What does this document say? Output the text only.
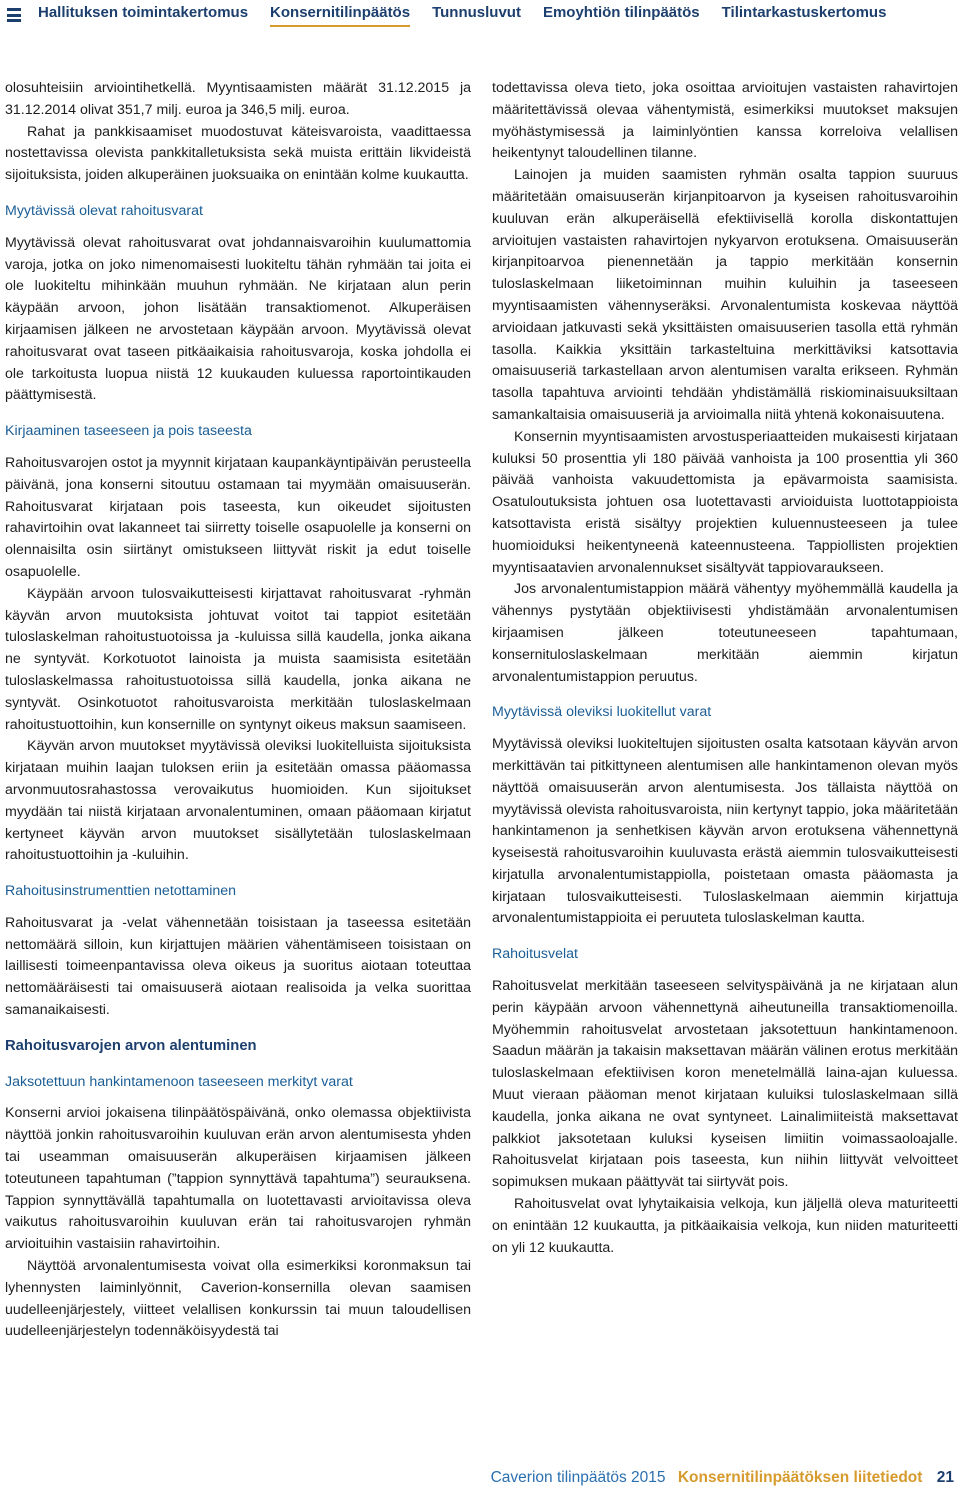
Hallituksen toimintakertomus Konsernitilinpäätös Tunnusluvut Emoyhtiön tilinpäätös Tilintarkastuskertomus

olosuhteisiin arviointihetkellä. Myyntisaamisten määrät 31.12.2015 ja 31.12.2014 olivat 351,7 milj. euroa ja 346,5 milj. euroa.

Rahat ja pankkisaamiset muodostuvat käteisvaroista, vaadittaessa nostettavissa olevista pankkitalletuksista sekä muista erittäin likvideistä sijoituksista, joiden alkuperäinen juoksuaika on enintään kolme kuukautta.

Myytävissä olevat rahoitusvarat

Myytävissä olevat rahoitusvarat ovat johdannaisvaroihin kuulumattomia varoja, jotka on joko nimenomaisesti luokiteltu tähän ryhmään tai joita ei ole luokiteltu mihinkään muuhun ryhmään. Ne kirjataan alun perin käypään arvoon, johon lisätään transaktiomenot. Alkuperäisen kirjaamisen jälkeen ne arvostetaan käypään arvoon. Myytävissä olevat rahoitusvarat ovat taseen pitkäaikaisia rahoitusvaroja, koska johdolla ei ole tarkoitusta luopua niistä 12 kuukauden kuluessa raportointikauden päättymisestä.

Kirjaaminen taseeseen ja pois taseesta

Rahoitusvarojen ostot ja myynnit kirjataan kaupankäyntipäivän perusteella päivänä, jona konserni sitoutuu ostamaan tai myymään omaisuuserän. Rahoitusvarat kirjataan pois taseesta, kun oikeudet sijoitusten rahavirtoihin ovat lakanneet tai siirretty toiselle osapuolelle ja konserni on olennaisilta osin siirtänyt omistukseen liittyvät riskit ja edut toiselle osapuolelle.

Käypään arvoon tulosvaikutteisesti kirjattavat rahoitusvarat -ryhmän käyvän arvon muutoksista johtuvat voitot tai tappiot esitetään tuloslaskelman rahoitustuotoissa ja -kuluissa sillä kaudella, jonka aikana ne syntyvät. Korkotuotot lainoista ja muista saamisista esitetään tuloslaskelmassa rahoitustuotoissa sillä kaudella, jonka aikana ne syntyvät. Osinkotuotot rahoitusvaroista merkitään tuloslaskelmaan rahoitustuottoihin, kun konsernille on syntynyt oikeus maksun saamiseen.

Käyvän arvon muutokset myytävissä oleviksi luokitelluista sijoituksista kirjataan muihin laajan tuloksen eriin ja esitetään omassa pääomassa arvonmuutosrahastossa verovaikutus huomioiden. Kun sijoitukset myydään tai niistä kirjataan arvonalentuminen, omaan pääomaan kirjatut kertyneet käyvän arvon muutokset sisällytetään tuloslaskelmaan rahoitustuottoihin ja -kuluihin.

Rahoitusinstrumenttien netottaminen

Rahoitusvarat ja -velat vähennetään toisistaan ja taseessa esitetään nettomäärä silloin, kun kirjattujen määrien vähentämiseen toisistaan on laillisesti toimeenpantavissa oleva oikeus ja suoritus aiotaan toteuttaa nettomääräisesti tai omaisuuserä aiotaan realisoida ja velka suorittaa samanaikaisesti.

Rahoitusvarojen arvon alentuminen
Jaksotettuun hankintamenoon taseeseen merkityt varat

Konserni arvioi jokaisena tilinpäätöspäivänä, onko olemassa objektiivista näyttöä jonkin rahoitusvaroihin kuuluvan erän arvon alentumisesta yhden tai useamman omaisuuserän alkuperäisen kirjaamisen jälkeen toteutuneen tapahtuman (”tappion synnyttävä tapahtuma”) seurauksena. Tappion synnyttävällä tapahtumalla on luotettavasti arvioitavissa oleva vaikutus rahoitusvaroihin kuuluvan erän tai rahoitusvarojen ryhmän arvioituihin vastaisiin rahavirtoihin.

Näyttöä arvonalentumisesta voivat olla esimerkiksi koronmaksun tai lyhennysten laiminlyönnit, Caverion-konsernilla olevan saamisen uudelleenjärjestely, viitteet velallisen konkurssin tai muun taloudellisen uudelleenjärjestelyn todennäköisyydestä tai

todettavissa oleva tieto, joka osoittaa arvioitujen vastaisten rahavirtojen määritettävissä olevaa vähentymistä, esimerkiksi muutokset maksujen myöhästymisessä ja laiminlyöntien kanssa korreloiva velallisen heikentynyt taloudellinen tilanne.

Lainojen ja muiden saamisten ryhmän osalta tappion suuruus määritetään omaisuuserän kirjanpitoarvon ja kyseisen rahoitusvaroihin kuuluvan erän alkuperäisellä efektiivisellä korolla diskontattujen arvioitujen vastaisten rahavirtojen nykyarvon erotuksena. Omaisuuserän kirjanpitoarvoa pienennetään ja tappio merkitään konsernin tuloslaskelmaan liiketoiminnan muihin kuluihin ja taseeseen myyntisaamisten vähennyseräksi. Arvonalentumista koskevaa näyttöä arvioidaan jatkuvasti sekä yksittäisten omaisuuserien tasolla että ryhmän tasolla. Kaikkia yksittäin tarkasteltuina merkittäviksi katsottavia omaisuuseriä tarkastellaan arvon alentumisen varalta erikseen. Ryhmän tasolla tapahtuva arviointi tehdään yhdistämällä riskiominaisuuksiltaan samankaltaisia omaisuuseriä ja arvioimalla niitä yhtenä kokonaisuutena.

Konsernin myyntisaamisten arvostusperiaatteiden mukaisesti kirjataan kuluksi 50 prosenttia yli 180 päivää vanhoista ja 100 prosenttia yli 360 päivää vanhoista vakuudettomista ja epävarmoista saamisista. Osatuloutuksista johtuen osa luotettavasti arvioiduista luottotappioista katsottavista eristä sisältyy projektien kuluennusteeseen ja tulee huomioiduksi heikentyneenä kateennusteena. Tappiollisten projektien myyntisaatavien arvonalennukset sisältyvät tappiovaraukseen.

Jos arvonalentumistappion määrä vähentyy myöhemmällä kaudella ja vähennys pystytään objektiivisesti yhdistämään arvonalentumisen kirjaamisen jälkeen toteutuneeseen tapahtumaan, konsernituloslaskelmaan merkitään aiemmin kirjatun arvonalentumistappion peruutus.

Myytävissä oleviksi luokitellut varat

Myytävissä oleviksi luokiteltujen sijoitusten osalta katsotaan käyvän arvon merkittävän tai pitkittyneen alentumisen alle hankintamenon olevan myös näyttöä omaisuuserän arvon alentumisesta. Jos tällaista näyttöä on myytävissä olevista rahoitusvaroista, niin kertynyt tappio, joka määritetään hankintamenon ja senhetkisen käyvän arvon erotuksena vähennettynä kyseisestä rahoitusvaroihin kuuluvasta erästä aiemmin tulosvaikutteisesti kirjatulla arvonalentumistappiolla, poistetaan omasta pääomasta ja kirjataan tulosvaikutteisesti. Tuloslaskelmaan aiemmin kirjattuja arvonalentumistappioita ei peruuteta tuloslaskelman kautta.

Rahoitusvelat

Rahoitusvelat merkitään taseeseen selvityspäivänä ja ne kirjataan alun perin käypään arvoon vähennettynä aiheutuneilla transaktiomenoilla. Myöhemmin rahoitusvelat arvostetaan jaksotettuun hankintamenoon. Saadun määrän ja takaisin maksettavan määrän välinen erotus merkitään tuloslaskelmaan efektiivisen koron menetelmällä laina-ajan kuluessa. Muut vieraan pääoman menot kirjataan kuluiksi tuloslaskelmaan sillä kaudella, jonka aikana ne ovat syntyneet. Lainalimiiteistä maksettavat palkkiot jaksotetaan kuluksi kyseisen limiitin voimassaoloajalle. Rahoitusvelat kirjataan pois taseesta, kun niihin liittyvät velvoitteet sopimuksen mukaan päättyvät tai siirtyvät pois.

Rahoitusvelat ovat lyhytaikaisia velkoja, kun jäljellä oleva maturiteetti on enintään 12 kuukautta, ja pitkäaikaisia velkoja, kun niiden maturiteetti on yli 12 kuukautta.

Caverion tilinpäätös 2015 Konsernitilinpäätöksen liitetiedot 21
